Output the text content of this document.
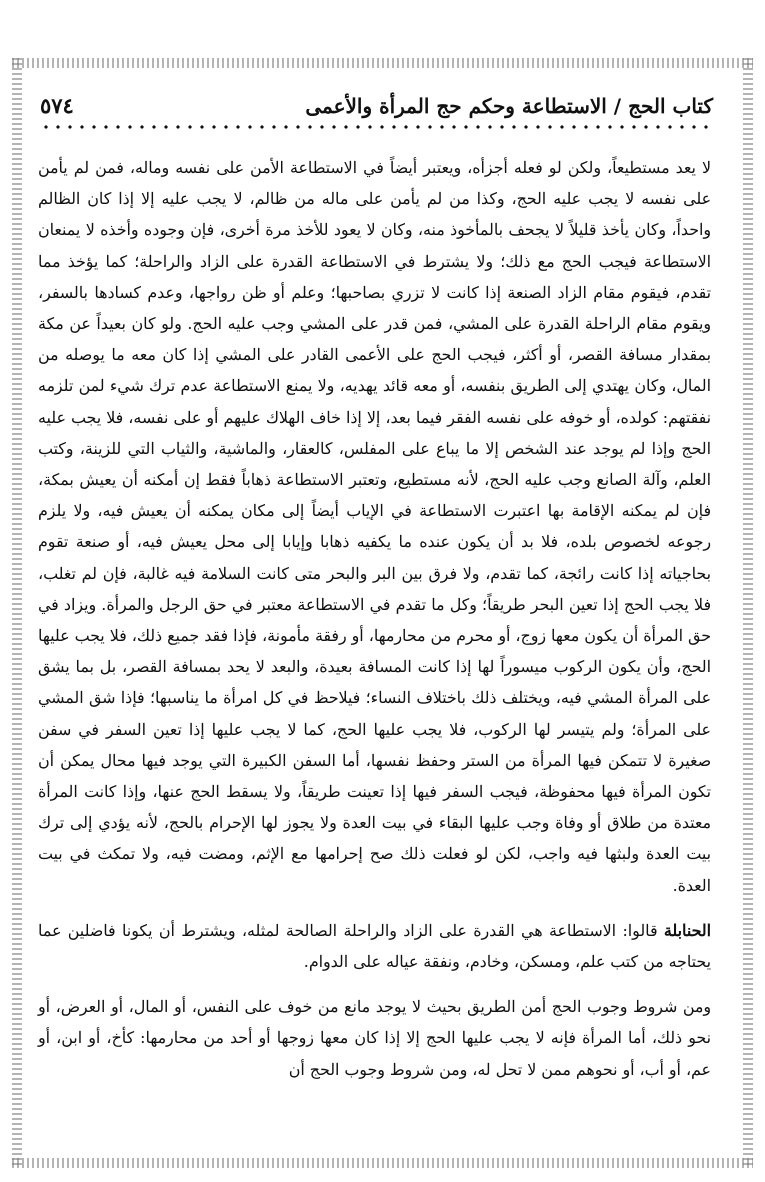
كتاب الحج / الاستطاعة وحكم حج المرأة والأعمى
٥٧٤

لا يعد مستطيعاً، ولكن لو فعله أجزأه، ويعتبر أيضاً في الاستطاعة الأمن على نفسه وماله، فمن لم يأمن على نفسه لا يجب عليه الحج، وكذا من لم يأمن على ماله من ظالم، لا يجب عليه إلا إذا كان الظالم واحداً، وكان يأخذ قليلاً لا يجحف بالمأخوذ منه، وكان لا يعود للأخذ مرة أخرى، فإن وجوده وأخذه لا يمنعان الاستطاعة فيجب الحج مع ذلك؛ ولا يشترط في الاستطاعة القدرة على الزاد والراحلة؛ كما يؤخذ مما تقدم، فيقوم مقام الزاد الصنعة إذا كانت لا تزري بصاحبها؛ وعلم أو ظن رواجها، وعدم كسادها بالسفر، ويقوم مقام الراحلة القدرة على المشي، فمن قدر على المشي وجب عليه الحج. ولو كان بعيداً عن مكة بمقدار مسافة القصر، أو أكثر، فيجب الحج على الأعمى القادر على المشي إذا كان معه ما يوصله من المال، وكان يهتدي إلى الطريق بنفسه، أو معه قائد يهديه، ولا يمنع الاستطاعة عدم ترك شيء لمن تلزمه نفقتهم: كولده، أو خوفه على نفسه الفقر فيما بعد، إلا إذا خاف الهلاك عليهم أو على نفسه، فلا يجب عليه الحج وإذا لم يوجد عند الشخص إلا ما يباع على المفلس، كالعقار، والماشية، والثياب التي للزينة، وكتب العلم، وآلة الصانع وجب عليه الحج، لأنه مستطيع، وتعتبر الاستطاعة ذهاباً فقط إن أمكنه أن يعيش بمكة، فإن لم يمكنه الإقامة بها اعتبرت الاستطاعة في الإياب أيضاً إلى مكان يمكنه أن يعيش فيه، ولا يلزم رجوعه لخصوص بلده، فلا بد أن يكون عنده ما يكفيه ذهابا وإيابا إلى محل يعيش فيه، أو صنعة تقوم بحاجياته إذا كانت رائجة، كما تقدم، ولا فرق بين البر والبحر متى كانت السلامة فيه غالبة، فإن لم تغلب، فلا يجب الحج إذا تعين البحر طريقاً؛ وكل ما تقدم في الاستطاعة معتبر في حق الرجل والمرأة. ويزاد في حق المرأة أن يكون معها زوج، أو محرم من محارمها، أو رفقة مأمونة، فإذا فقد جميع ذلك، فلا يجب عليها الحج، وأن يكون الركوب ميسوراً لها إذا كانت المسافة بعيدة، والبعد لا يحد بمسافة القصر، بل بما يشق على المرأة المشي فيه، ويختلف ذلك باختلاف النساء؛ فيلاحظ في كل امرأة ما يناسبها؛ فإذا شق المشي على المرأة؛ ولم يتيسر لها الركوب، فلا يجب عليها الحج، كما لا يجب عليها إذا تعين السفر في سفن صغيرة لا تتمكن فيها المرأة من الستر وحفظ نفسها، أما السفن الكبيرة التي يوجد فيها محال يمكن أن تكون المرأة فيها محفوظة، فيجب السفر فيها إذا تعينت طريقاً، ولا يسقط الحج عنها، وإذا كانت المرأة معتدة من طلاق أو وفاة وجب عليها البقاء في بيت العدة ولا يجوز لها الإحرام بالحج، لأنه يؤدي إلى ترك بيت العدة ولبثها فيه واجب، لكن لو فعلت ذلك صح إحرامها مع الإثم، ومضت فيه، ولا تمكث في بيت العدة.

الحنابلة قالوا: الاستطاعة هي القدرة على الزاد والراحلة الصالحة لمثله، ويشترط أن يكونا فاضلين عما يحتاجه من كتب علم، ومسكن، وخادم، ونفقة عياله على الدوام.

ومن شروط وجوب الحج أمن الطريق بحيث لا يوجد مانع من خوف على النفس، أو المال، أو العرض، أو نحو ذلك، أما المرأة فإنه لا يجب عليها الحج إلا إذا كان معها زوجها أو أحد من محارمها: كأخ، أو ابن، أو عم، أو أب، أو نحوهم ممن لا تحل له، ومن شروط وجوب الحج أن
